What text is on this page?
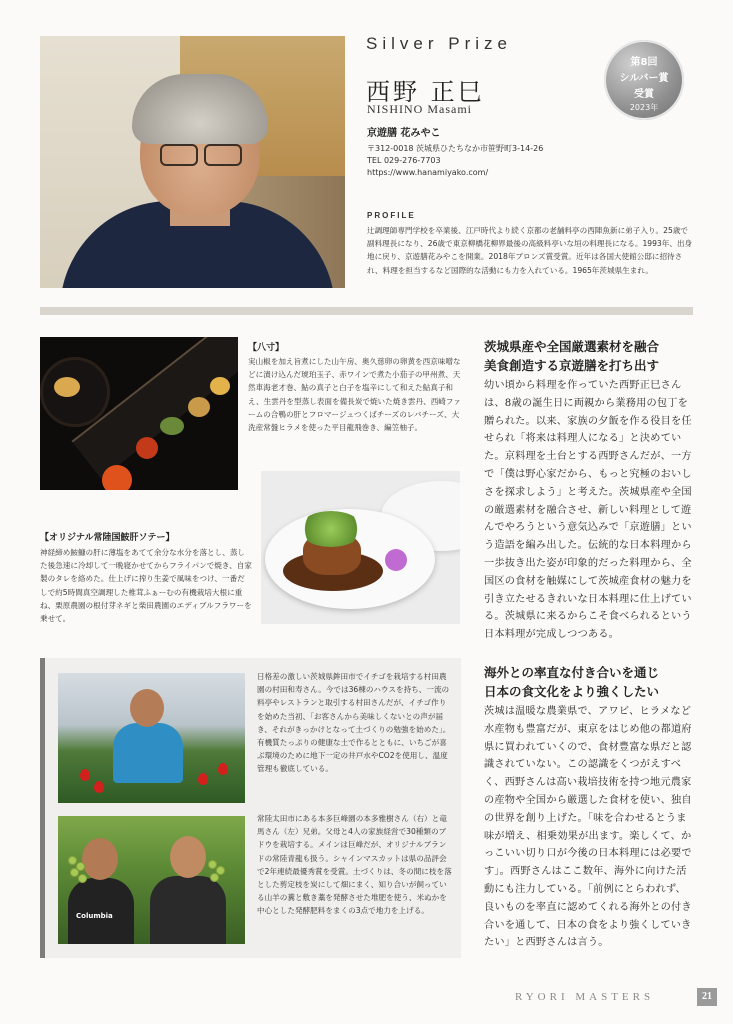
Silver Prize
第8回
シルバー賞
受賞
2023年
西野 正巳
NISHINO Masami
京遊膳 花みやこ
〒312-0018 茨城県ひたちなか市笹野町3-14-26
TEL 029-276-7703
https://www.hanamiyako.com/
PROFILE
辻調理師専門学校を卒業後、江戸時代より続く京都の老舗料亭の西陣魚新に弟子入り。25歳で副料理長になり、26歳で東京柳橋花柳界最後の高級料亭いな垣の料理長になる。1993年、出身地に戻り、京遊膳花みやこを開業。2018年ブロンズ賞受賞。近年は各国大使館公邸に招待され、料理を担当するなど国際的な活動にも力を入れている。1965年茨城県生まれ。
【八寸】
実山椒を加え旨煮にした山午房、奥久慈卵の卵黄を西京味噌などに漬け込んだ琥珀玉子、赤ワインで煮た小茄子の甲州煮、天然車海老才巻、鮎の真子と白子を塩辛にして和えた鮎真子和え、生雲丹を型蒸し表面を備長炭で焼いた焼き雲丹、西崎ファームの合鴨の肝とフロマージュつくばチーズのレバチーズ、大洗産常盤ヒラメを使った平目龍飛巻き、編笠柚子。
【オリジナル常陸国鮟肝ソテー】
神経締め鮟鱇の肝に薄塩をあてて余分な水分を落とし、蒸した後急速に冷却して一晩寝かせてからフライパンで焼き、自家製のタレを絡めた。仕上げに搾り生姜で風味をつけ、一番だしで約5時間真空調理した椎茸ふぁーむの有機栽培大根に重ね、栗原農園の根付芽ネギと柴田農園のエディブルフラワーを乗せて。
茨城県産や全国厳選素材を融合
美食創造する京遊膳を打ち出す
幼い頃から料理を作っていた西野正巳さんは、8歳の誕生日に両親から業務用の包丁を贈られた。以来、家族の夕飯を作る役目を任せられ「将来は料理人になる」と決めていた。京料理を土台とする西野さんだが、一方で「僕は野心家だから、もっと究極のおいしさを探求しよう」と考えた。茨城県産や全国の厳選素材を融合させ、新しい料理として遊んでやろうという意気込みで「京遊膳」という造語を編み出した。伝統的な日本料理から一歩抜き出た姿が印象的だった料理から、全国区の食材を触媒にして茨城産食材の魅力を引き立たせるきれいな日本料理に仕上げている。茨城県に来るからこそ食べられるという日本料理が完成しつつある。
日格差の激しい茨城県鉾田市でイチゴを栽培する村田農園の村田和寿さん。今では36棟のハウスを持ち、一流の料亭やレストランと取引する村田さんだが、イチゴ作りを始めた当初、「お客さんから美味しくないとの声が届き、それがきっかけとなって土づくりの勉強を始めた」。有機質たっぷりの健康な土で作るとともに、いちごが喜ぶ環境のために地下一定の井戸水やCO2を使用し、温度管理も徹底している。
Columbia
常陸太田市にある本多巨峰園の本多雅樹さん（右）と竜馬さん（左）兄弟。父母と4人の家族経営で30種類のブドウを栽培する。メインは巨峰だが、オリジナルブランドの常陸青龍も扱う。シャインマスカットは県の品評会で2年連続最優秀賞を受賞。土づくりは、冬の間に枝を落とした剪定枝を炭にして畑にまく、知り合いが飼っている山羊の糞と敷き藁を発酵させた堆肥を使う、米ぬかを中心とした発酵肥料をまくの3点で地力を上げる。
海外との率直な付き合いを通じ
日本の食文化をより強くしたい
茨城は温暖な農業県で、アワビ、ヒラメなど水産物も豊富だが、東京をはじめ他の都道府県に買われていくので、食材豊富な県だと認識されていない。この認識をくつがえすべく、西野さんは高い栽培技術を持つ地元農家の産物や全国から厳選した食材を使い、独自の世界を創り上げた。「味を合わせるとうま味が増え、相乗効果が出ます。楽しくて、かっこいい切り口が今後の日本料理には必要です」。西野さんはここ数年、海外に向けた活動にも注力している。「前例にとらわれず、良いものを率直に認めてくれる海外との付き合いを通して、日本の食をより強くしていきたい」と西野さんは言う。
RYORI MASTERS	21
